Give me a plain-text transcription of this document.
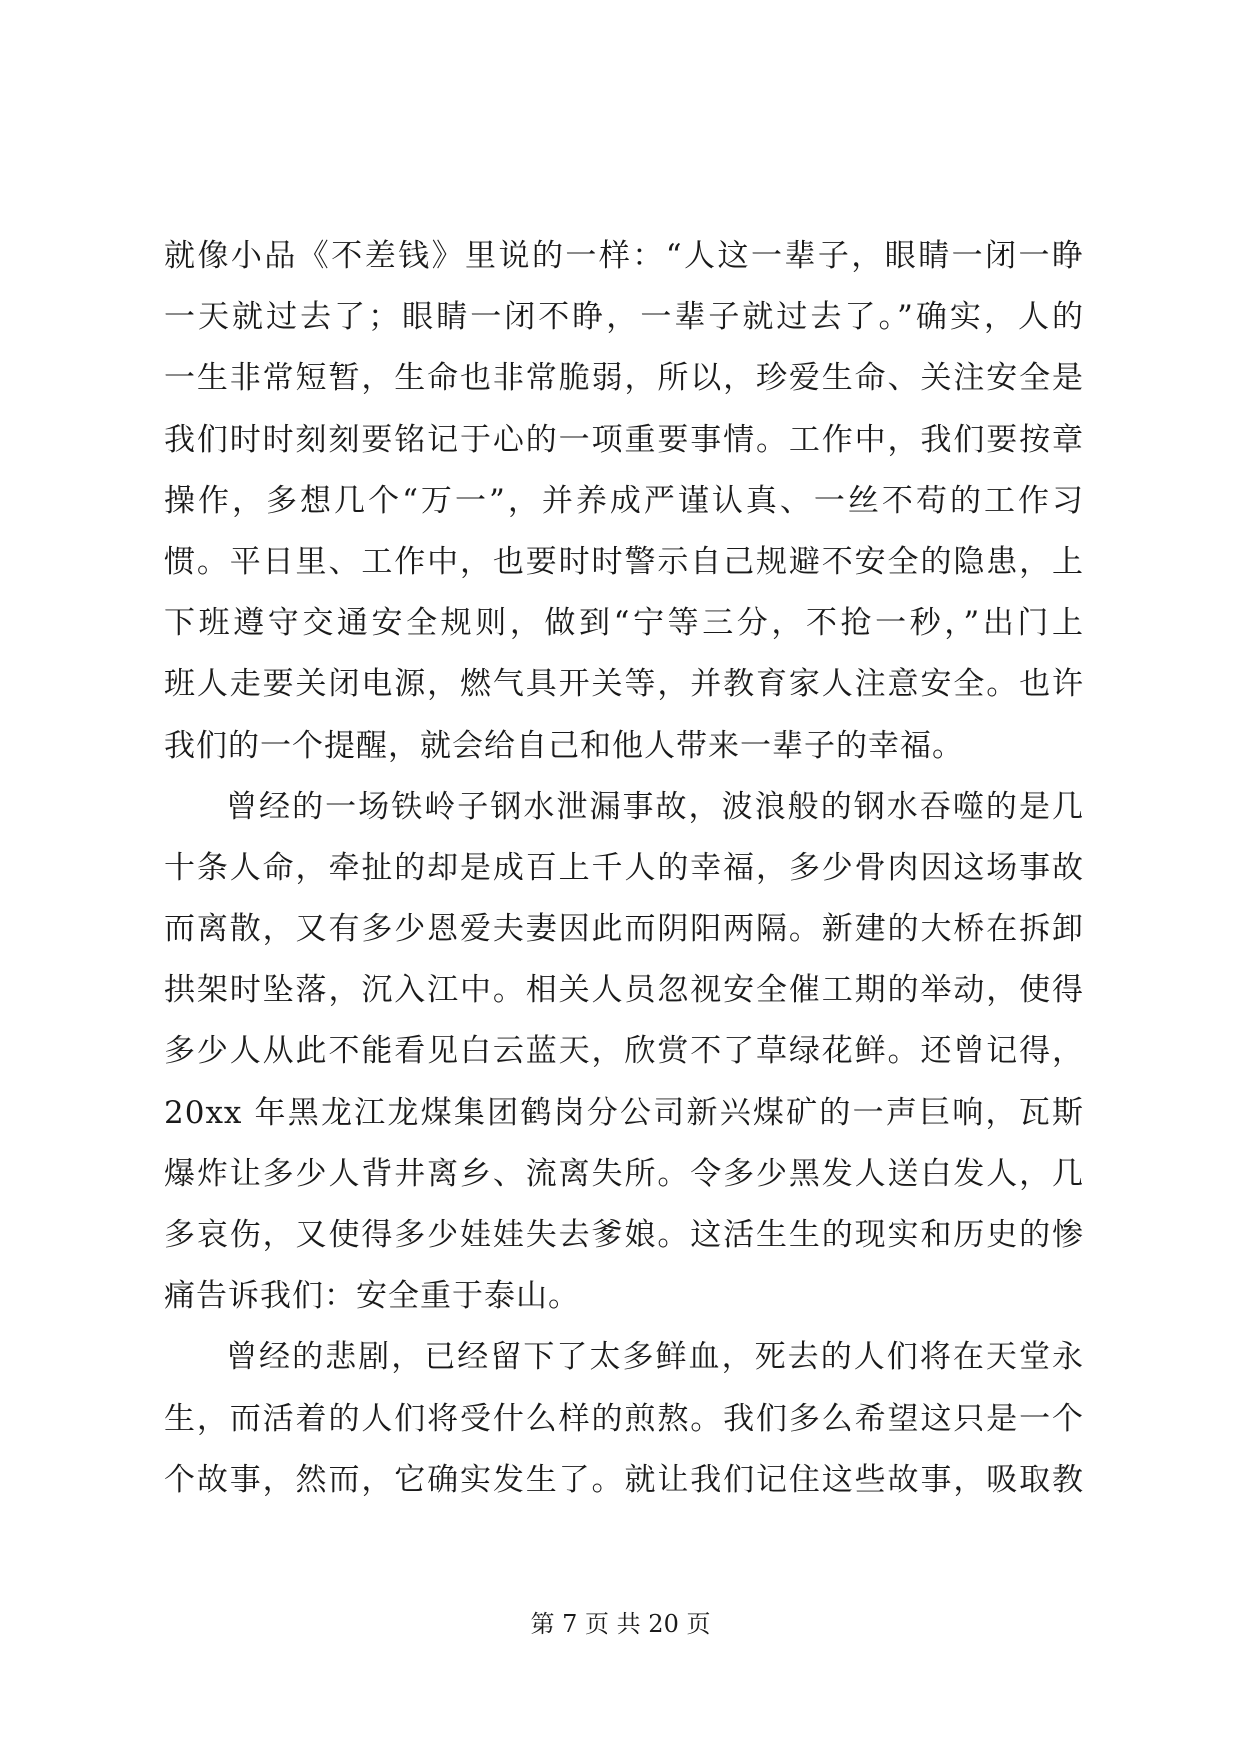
就像小品《不差钱》里说的一样：“人这一辈子，眼睛一闭一睁
一天就过去了；眼睛一闭不睁，一辈子就过去了。”确实，人的
一生非常短暂，生命也非常脆弱，所以，珍爱生命、关注安全是
我们时时刻刻要铭记于心的一项重要事情。工作中，我们要按章
操作，多想几个“万一”，并养成严谨认真、一丝不苟的工作习
惯。平日里、工作中，也要时时警示自己规避不安全的隐患，上
下班遵守交通安全规则，做到“宁等三分，不抢一秒，”出门上
班人走要关闭电源，燃气具开关等，并教育家人注意安全。也许
我们的一个提醒，就会给自己和他人带来一辈子的幸福。
曾经的一场铁岭子钢水泄漏事故，波浪般的钢水吞噬的是几
十条人命，牵扯的却是成百上千人的幸福，多少骨肉因这场事故
而离散，又有多少恩爱夫妻因此而阴阳两隔。新建的大桥在拆卸
拱架时坠落，沉入江中。相关人员忽视安全催工期的举动，使得
多少人从此不能看见白云蓝天，欣赏不了草绿花鲜。还曾记得，
20xx 年黑龙江龙煤集团鹤岗分公司新兴煤矿的一声巨响，瓦斯
爆炸让多少人背井离乡、流离失所。令多少黑发人送白发人，几
多哀伤，又使得多少娃娃失去爹娘。这活生生的现实和历史的惨
痛告诉我们：安全重于泰山。
曾经的悲剧，已经留下了太多鲜血，死去的人们将在天堂永
生，而活着的人们将受什么样的煎熬。我们多么希望这只是一个
个故事，然而，它确实发生了。就让我们记住这些故事，吸取教
第 7 页 共 20 页
